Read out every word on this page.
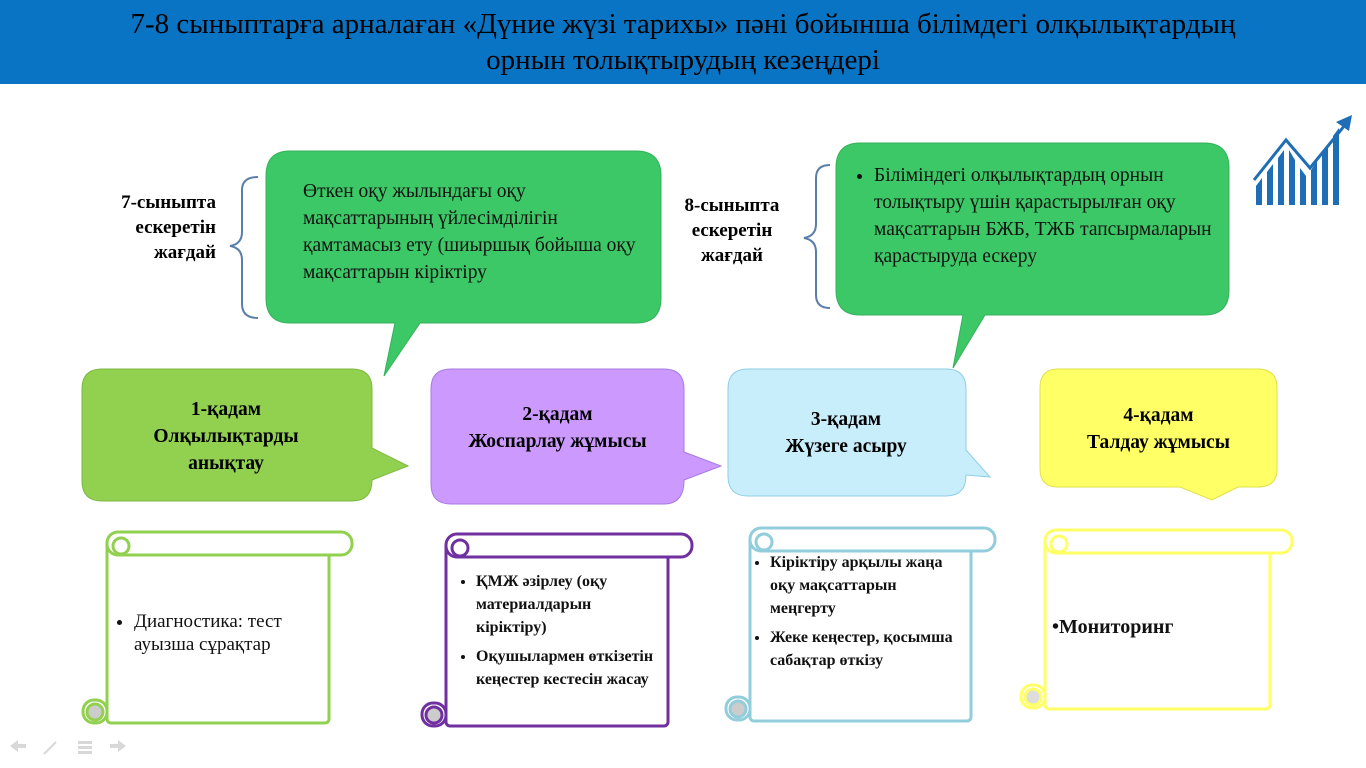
7-8 сыныптарға арналаған «Дүние жүзі тарихы» пәні бойынша білімдегі олқылықтардың
орнын толықтырудың кезеңдері
7-сыныпта
ескеретін
жағдай
Өткен оқу жылындағы оқу мақсаттарының үйлесімділігін қамтамасыз ету (шиыршық бойыша оқу мақсаттарын кіріктіру
8-сыныпта
ескеретін
жағдай
• Біліміндегі олқылықтардың орнын толықтыру үшін қарастырылған оқу мақсаттарын БЖБ, ТЖБ тапсырмаларын қарастыруда ескеру
1-қадам
Олқылықтарды
анықтау
2-қадам
Жоспарлау жұмысы
3-қадам
Жүзеге асыру
4-қадам
Талдау жұмысы
• Диагностика: тест ауызша сұрақтар
• ҚМЖ әзірлеу (оқу материалдарын кіріктіру)
• Оқушылармен өткізетін кеңестер кестесін жасау
• Кіріктіру арқылы жаңа оқу мақсаттарын меңгерту
• Жеке кеңестер, қосымша сабақтар өткізу
•Мониторинг
